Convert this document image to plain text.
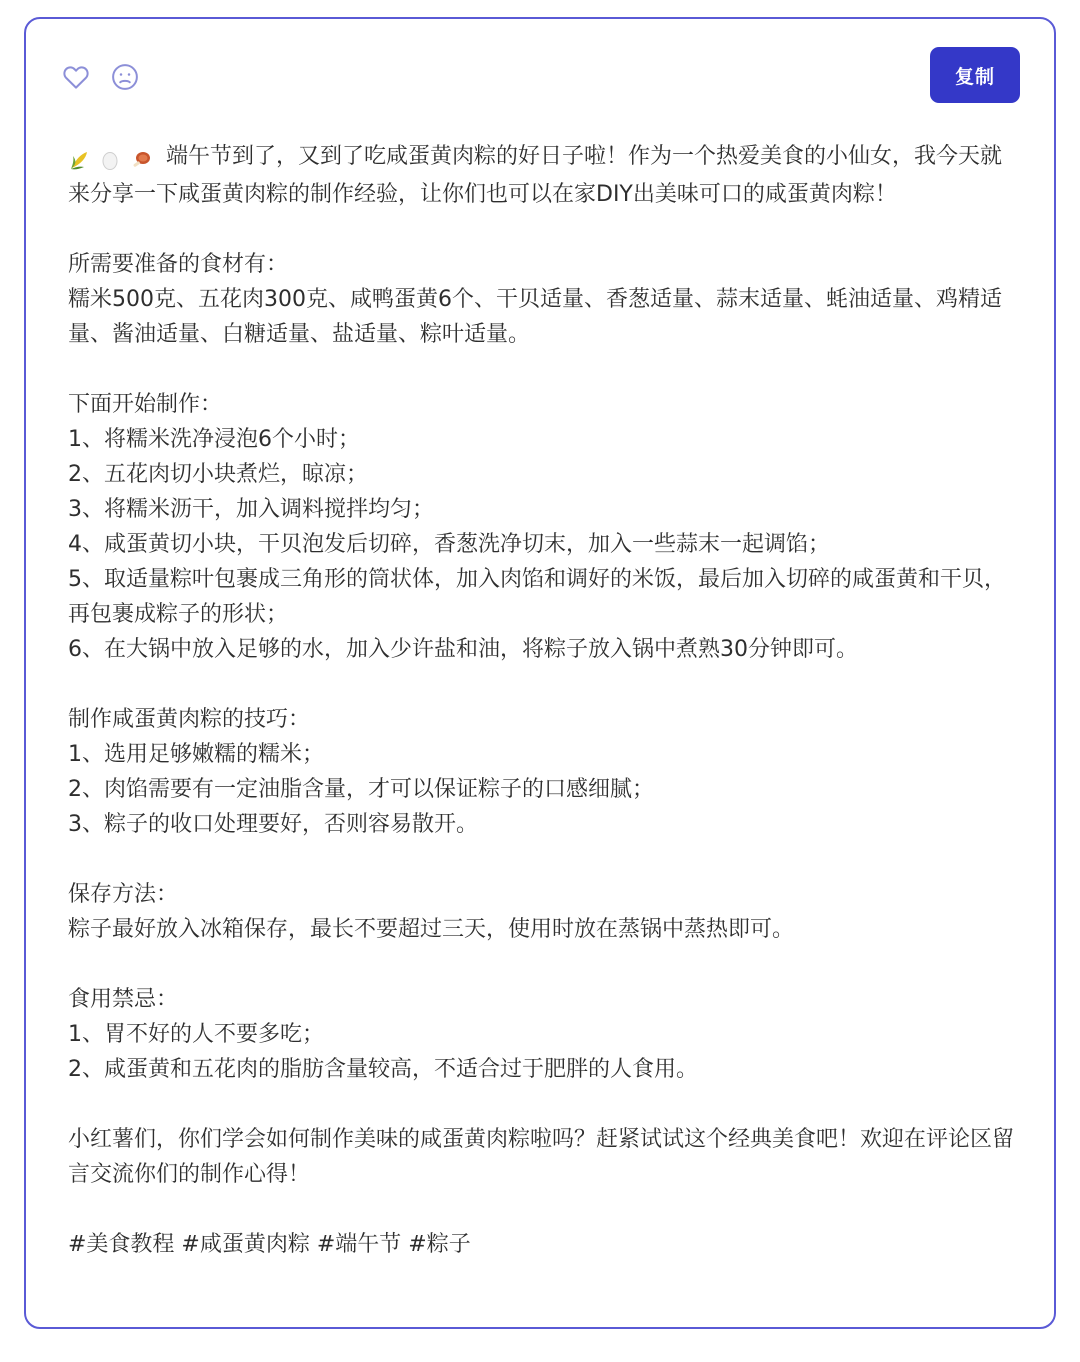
复制

端午节到了，又到了吃咸蛋黄肉粽的好日子啦！作为一个热爱美食的小仙女，我今天就来分享一下咸蛋黄肉粽的制作经验，让你们也可以在家DIY出美味可口的咸蛋黄肉粽！

所需要准备的食材有：

糯米500克、五花肉300克、咸鸭蛋黄6个、干贝适量、香葱适量、蒜末适量、蚝油适量、鸡精适量、酱油适量、白糖适量、盐适量、粽叶适量。

下面开始制作：

1、将糯米洗净浸泡6个小时；

2、五花肉切小块煮烂，晾凉；

3、将糯米沥干，加入调料搅拌均匀；

4、咸蛋黄切小块，干贝泡发后切碎，香葱洗净切末，加入一些蒜末一起调馅；

5、取适量粽叶包裹成三角形的筒状体，加入肉馅和调好的米饭，最后加入切碎的咸蛋黄和干贝，再包裹成粽子的形状；

6、在大锅中放入足够的水，加入少许盐和油，将粽子放入锅中煮熟30分钟即可。

制作咸蛋黄肉粽的技巧：

1、选用足够嫩糯的糯米；

2、肉馅需要有一定油脂含量，才可以保证粽子的口感细腻；

3、粽子的收口处理要好，否则容易散开。

保存方法：

粽子最好放入冰箱保存，最长不要超过三天，使用时放在蒸锅中蒸热即可。

食用禁忌：

1、胃不好的人不要多吃；

2、咸蛋黄和五花肉的脂肪含量较高，不适合过于肥胖的人食用。

小红薯们，你们学会如何制作美味的咸蛋黄肉粽啦吗？赶紧试试这个经典美食吧！欢迎在评论区留言交流你们的制作心得！

#美食教程 #咸蛋黄肉粽 #端午节 #粽子
